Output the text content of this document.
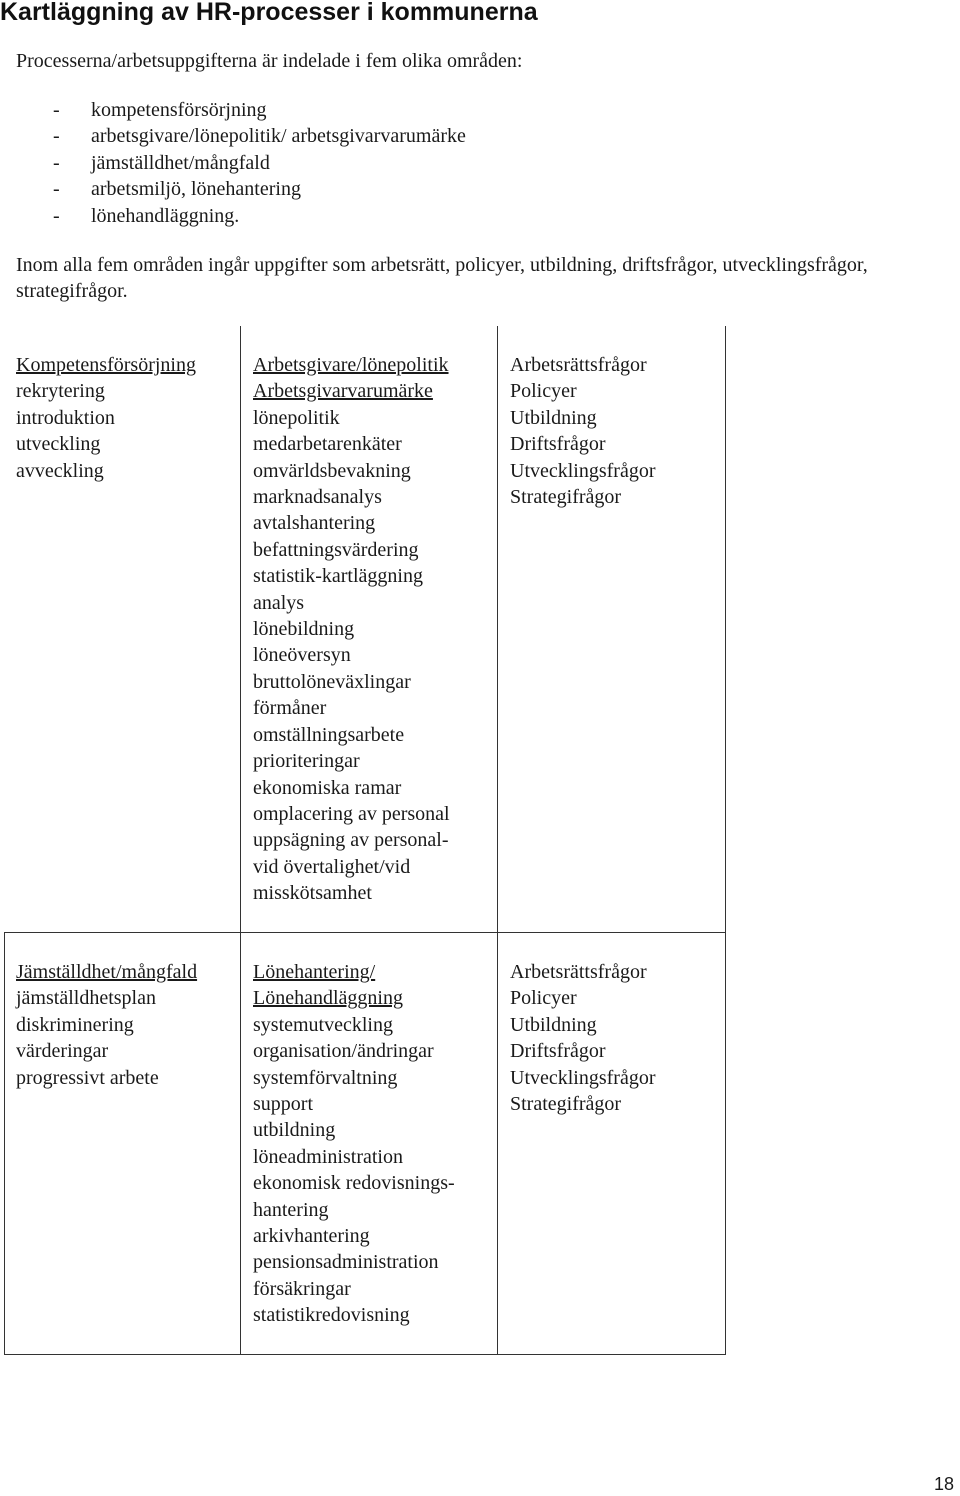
Kartläggning av HR-processer i kommunerna

Processerna/arbetsuppgifterna är indelade i fem olika områden:

- kompetensförsörjning
- arbetsgivare/lönepolitik/ arbetsgivarvarumärke
- jämställdhet/mångfald
- arbetsmiljö, lönehantering
- lönehandläggning.

Inom alla fem områden ingår uppgifter som arbetsrätt, policyer, utbildning, driftsfrågor, utvecklingsfrågor, strategifrågor.

Kompetensförsörjning
rekrytering
introduktion
utveckling
avveckling
Arbetsgivare/lönepolitik
Arbetsgivarvarumärke
lönepolitik
medarbetarenkäter
omvärldsbevakning
marknadsanalys
avtalshantering
befattningsvärdering
statistik-kartläggning
analys
lönebildning
löneöversyn
bruttolöneväxlingar
förmåner
omställningsarbete
prioriteringar
ekonomiska ramar
omplacering av personal
uppsägning av personal-
vid övertalighet/vid
misskötsamhet
Arbetsrättsfrågor
Policyer
Utbildning
Driftsfrågor
Utvecklingsfrågor
Strategifrågor
Jämställdhet/mångfald
jämställdhetsplan
diskriminering
värderingar
progressivt arbete
Lönehantering/
Lönehandläggning
systemutveckling
organisation/ändringar
systemförvaltning
support
utbildning
löneadministration
ekonomisk redovisnings-
hantering
arkivhantering
pensionsadministration
försäkringar
statistikredovisning
Arbetsrättsfrågor
Policyer
Utbildning
Driftsfrågor
Utvecklingsfrågor
Strategifrågor
18
